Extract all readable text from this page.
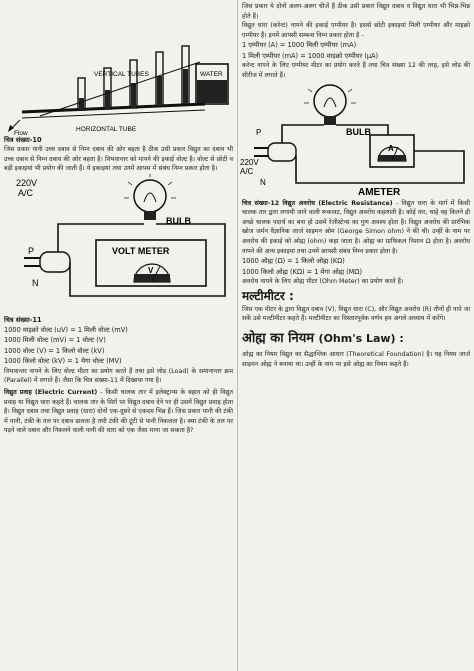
VERTICAL TUBES	WATER
HORIZONTAL TUBE
Flow
चित्र संख्या-10
जिस प्रकार पानी उच्च दबाव से निम्न दबाव की ओर बहता है ठीक उसी प्रकार विद्युत का दबाव भी उच्च दबाव से निम्न दबाव की ओर बहता है। विभवान्तर को मापने की इकाई वोल्ट है। वोल्ट से छोटी व बड़ी इकाइयां भी प्रयोग की जाती हैं। ये इकाइयां तथा उनमें आपस में संबंध निम्न प्रकार होता है।
BULB
VOLT METER
V
220V
A/C
P
N
चित्र संख्या-11
1000 माइक्रो वोल्ट (uV) = 1 मिली वोल्ट (mV)
1000 मिली वोल्ट (mV) = 1 वोल्ट (V)
1000 वोल्ट (V) = 1 किलो वोल्ट (kV)
1000 किलो वोल्ट (kV) = 1 मेगा वोल्ट (MV)
विभवान्तर नापने के लिए वोल्ट मीटर का प्रयोग करते हैं तथा इसे लोड (Load) के समानान्तर क्रम (Parallel) में लगाते हैं। जैसा कि चित्र संख्या-11 में दिखाया गया है।
विद्युत प्रवाह (Electric Current) - किसी चालक तार में इलेक्ट्रान्स के बहाव को ही विद्युत प्रवाह या विद्युत धारा कहते हैं। चालक तार के सिरों पर विद्युत दबाव देने पर ही उसमें विद्युत प्रवाह होता है। विद्युत दबाव तथा विद्युत प्रवाह (धारा) दोनों एक-दूसरे से एकदम भिन्न हैं। जिस प्रकार पानी की टंकी में पानी, टंकी के तल पर दबाव डालता है तथी टंकी की टूंटी से पानी निकलता है। क्या टंकी के तल पर पड़ने वाले दबाव और निकलने वाली पानी की धारा को एक जैसा माना जा सकता है?
जिस प्रकार ये दोनों अलग-अलग चीजें हैं ठीक उसी प्रकार विद्युत दबाव व विद्युत धारा भी भिन्न-भिन्न होते हैं।
विद्युत धारा (करेन्ट) नापने की इकाई एम्पीयर है। इससे छोटी इकाइयां मिली एम्पीयर और माइक्रो एम्पीयर हैं। इनमें आपसी सम्बन्ध निम्न प्रकार होता है -
1 एम्पीयर (A) = 1000 मिली एम्पीयर (mA)
1 मिली एम्पीयर (mA) = 1000 माइक्रो एम्पीयर (μA)
करेन्ट नापने के लिए एम्पीयर मीटर का प्रयोग करते हैं तथा चित्र संख्या 12 की तरह, इसे लोड की सीरीज में लगाते हैं।
BULB
A
AMETER
P
220V
A/C
N
चित्र संख्या-12 विद्युत अवरोध (Electric Resistance) - विद्युत धारा के मार्ग में किसी चालक तार द्वारा लगायी जाने वाली रूकावट, विद्युत अवरोध कहलाती है। कोई तार, चाहे वह कितने ही अच्छे चालक पदार्थ का बना हो उसमें रेजीस्टेन्स का गुण अवश्य होता है। विद्युत अवरोध की प्रारंभिक खोज जर्मन वैज्ञानिक जार्ज साइमन ओम (George Simon ohm) ने की थी। उन्हीं के नाम पर अवरोध की इकाई को ओह्म (ohm) कहा जाता है। ओह्म का ग्राफिकल निशान Ω होता है। अवरोध नापने की अन्य इकाइयां तथा उनमें आपसी संबंध निम्न प्रकार होता है।
1000 ओह्म (Ω) = 1 किलो ओह्म (KΩ)
1000 किलो ओह्म (KΩ) = 1 मेगा ओह्म (MΩ)
अवरोध नापने के लिए ओह्म मीटर (Ohm Meter) का प्रयोग करते हैं।
मल्टीमीटर :
जिस एक मीटर के द्वारा विद्युत दबाव (V), विद्युत धारा (C), और विद्युत अवरोध (R) तीनों ही नापे जा सकें उसे मल्टीमीटर कहते हैं। मल्टीमीटर का विस्तारपूर्वक वर्णन हम अगले अध्याय में करेंगे।
ओह्म का नियम (Ohm's Law) :
ओह्म का नियम विद्युत का सैद्धान्तिक आधार (Theoretical Foundation) है। यह नियम जार्ज साइमन ओह्म ने बनाया था। उन्हीं के नाम पर इसे ओह्म का नियम कहते हैं।
